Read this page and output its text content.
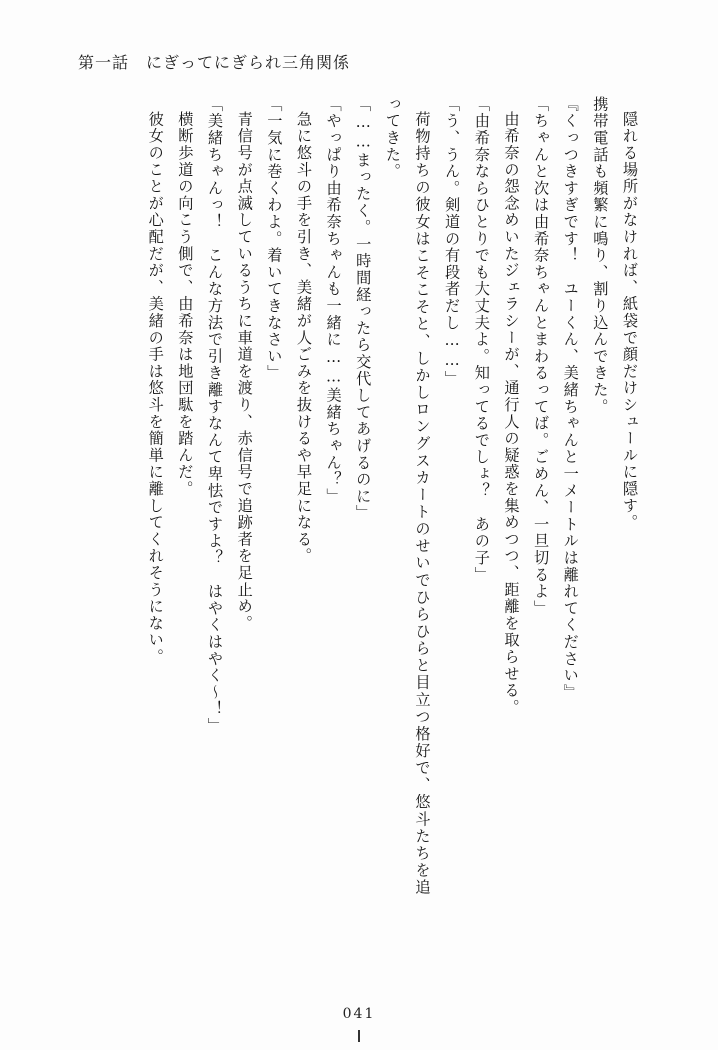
第一話　にぎってにぎられ三角関係

隠れる場所がなければ、紙袋で顔だけシュールに隠す。

携帯電話も頻繁に鳴り、割り込んできた。

『くっつきすぎです！　ユーくん、美緒ちゃんと一メートルは離れてください』

「ちゃんと次は由希奈ちゃんとまわるってば。ごめん、一旦切るよ」

由希奈の怨念めいたジェラシーが、通行人の疑惑を集めつつ、距離を取らせる。

「由希奈ならひとりでも大丈夫よ。知ってるでしょ？　あの子」

「う、うん。剣道の有段者だし……」

荷物持ちの彼女はこそこそと、しかしロングスカートのせいでひらひらと目立つ格好で、悠斗たちを追ってきた。

「……まったく。一時間経ったら交代してあげるのに」

「やっぱり由希奈ちゃんも一緒に……美緒ちゃん？」

急に悠斗の手を引き、美緒が人ごみを抜けるや早足になる。

「一気に巻くわよ。着いてきなさい」

青信号が点滅しているうちに車道を渡り、赤信号で追跡者を足止め。

「美緒ちゃんっ！　こんな方法で引き離すなんて卑怯ですよ？　はやくはやく～！」

横断歩道の向こう側で、由希奈は地団駄を踏んだ。

彼女のことが心配だが、美緒の手は悠斗を簡単に離してくれそうにない。

041
